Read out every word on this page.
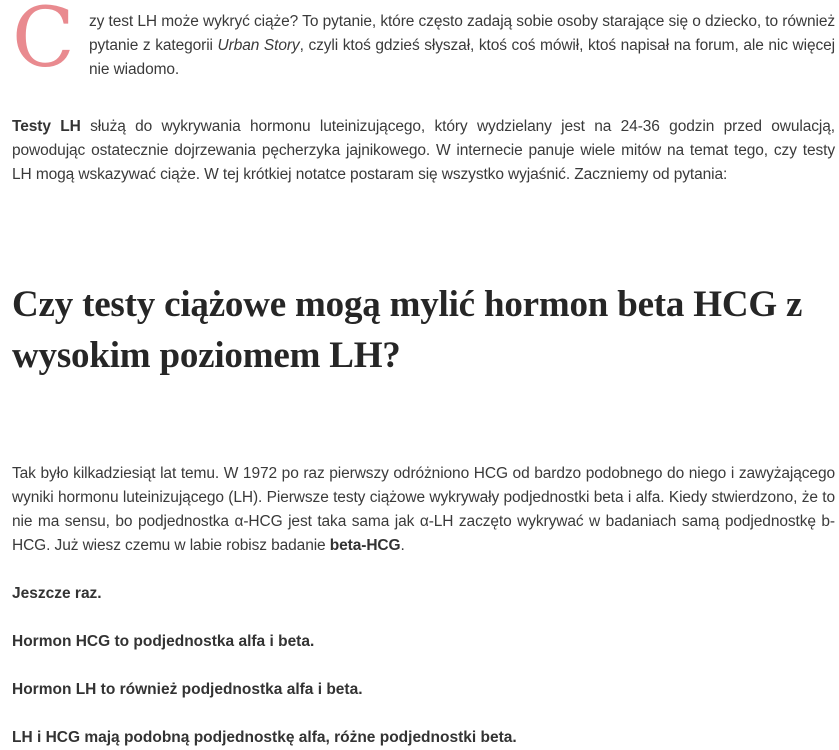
C zy test LH może wykryć ciąże? To pytanie, które często zadają sobie osoby starające się o dziecko, to również pytanie z kategorii Urban Story, czyli ktoś gdzieś słyszał, ktoś coś mówił, ktoś napisał na forum, ale nic więcej nie wiadomo.

Testy LH służą do wykrywania hormonu luteinizującego, który wydzielany jest na 24-36 godzin przed owulacją, powodując ostatecznie dojrzewania pęcherzyka jajnikowego. W internecie panuje wiele mitów na temat tego, czy testy LH mogą wskazywać ciąże. W tej krótkiej notatce postaram się wszystko wyjaśnić. Zaczniemy od pytania:

Czy testy ciążowe mogą mylić hormon beta HCG z wysokim poziomem LH?

Tak było kilkadziesiąt lat temu. W 1972 po raz pierwszy odróżniono HCG od bardzo podobnego do niego i zawyżającego wyniki hormonu luteinizującego (LH). Pierwsze testy ciążowe wykrywały podjednostki beta i alfa. Kiedy stwierdzono, że to nie ma sensu, bo podjednostka α-HCG jest taka sama jak α-LH zaczęto wykrywać w badaniach samą podjednostkę b-HCG. Już wiesz czemu w labie robisz badanie beta-HCG.

Jeszcze raz.

Hormon HCG to podjednostka alfa i beta.

Hormon LH to również podjednostka alfa i beta.

LH i HCG mają podobną podjednostkę alfa, różne podjednostki beta.
